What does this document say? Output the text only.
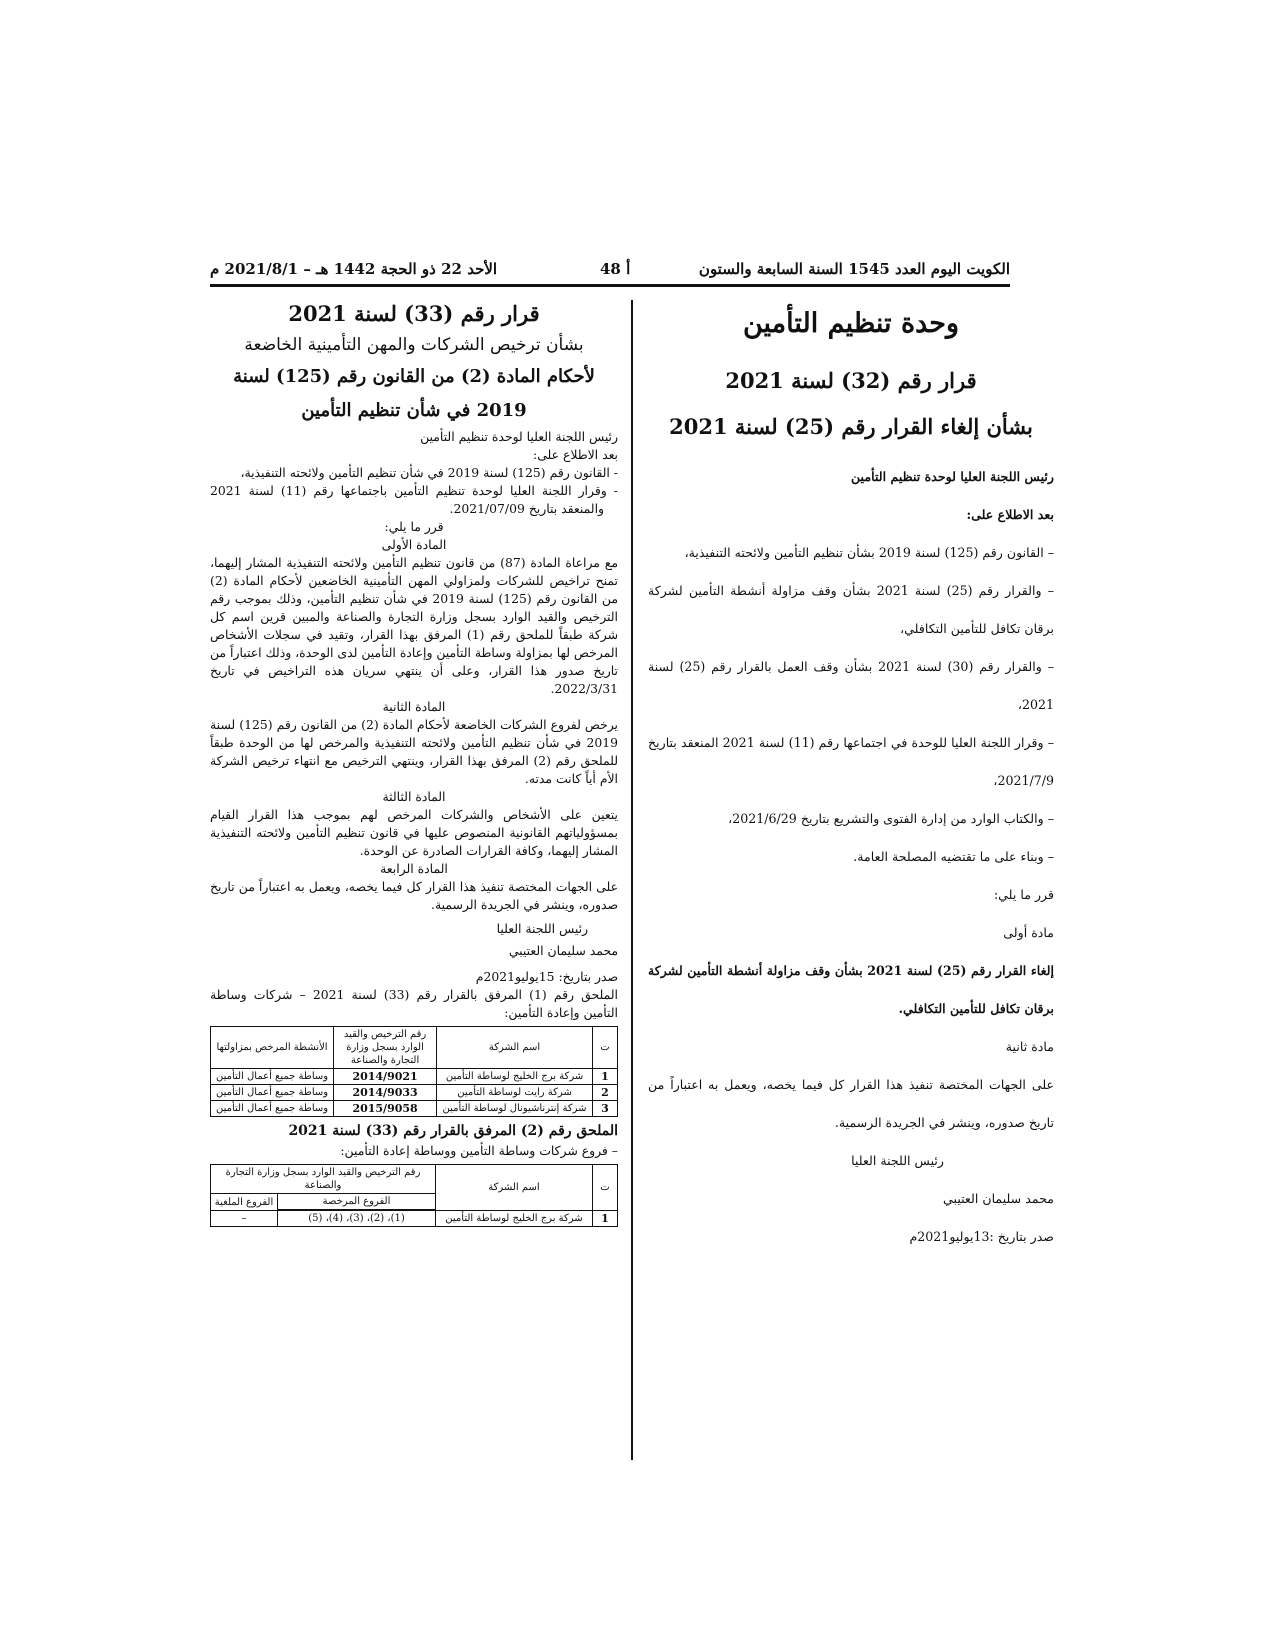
الكويت اليوم العدد 1545 السنة السابعة والستون
أ 48
الأحد 22 ذو الحجة 1442 هـ – 2021/8/1 م

قرار رقم (33) لسنة 2021

بشأن ترخيص الشركات والمهن التأمينية الخاضعة

لأحكام المادة (2) من القانون رقم (125) لسنة

2019 في شأن تنظيم التأمين

رئيس اللجنة العليا لوحدة تنظيم التأمين

بعد الاطلاع على:

- القانون رقم (125) لسنة 2019 في شأن تنظيم التأمين ولائحته التنفيذية،

- وقرار اللجنة العليا لوحدة تنظيم التأمين باجتماعها رقم (11) لسنة 2021 والمنعقد بتاريخ 2021/07/09.

قرر ما يلي:

المادة الأولى

مع مراعاة المادة (87) من قانون تنظيم التأمين ولائحته التنفيذية المشار إليهما، تمنح تراخيص للشركات ولمزاولي المهن التأمينية الخاضعين لأحكام المادة (2) من القانون رقم (125) لسنة 2019 في شأن تنظيم التأمين، وذلك بموجب رقم الترخيص والقيد الوارد بسجل وزارة التجارة والصناعة والمبين قرين اسم كل شركة طبقاً للملحق رقم (1) المرفق بهذا القرار، وتقيد في سجلات الأشخاص المرخص لها بمزاولة وساطة التأمين وإعادة التأمين لدى الوحدة، وذلك اعتباراً من تاريخ صدور هذا القرار، وعلى أن ينتهي سريان هذه التراخيص في تاريخ 2022/3/31.

المادة الثانية

يرخص لفروع الشركات الخاضعة لأحكام المادة (2) من القانون رقم (125) لسنة 2019 في شأن تنظيم التأمين ولائحته التنفيذية والمرخص لها من الوحدة طبقاً للملحق رقم (2) المرفق بهذا القرار، وينتهي الترخيص مع انتهاء ترخيص الشركة الأم أياً كانت مدته.

المادة الثالثة

يتعين على الأشخاص والشركات المرخص لهم بموجب هذا القرار القيام بمسؤولياتهم القانونية المنصوص عليها في قانون تنظيم التأمين ولائحته التنفيذية المشار إليهما، وكافة القرارات الصادرة عن الوحدة.

المادة الرابعة

على الجهات المختصة تنفيذ هذا القرار كل فيما يخصه، ويعمل به اعتباراً من تاريخ صدوره، وينشر في الجريدة الرسمية.

رئيس اللجنة العليا

محمد سليمان العتيبي

صدر بتاريخ: 15يوليو2021م

الملحق رقم (1) المرفق بالقرار رقم (33) لسنة 2021 – شركات وساطة التأمين وإعادة التأمين:

ت	اسم الشركة	رقم الترخيص والقيد الوارد بسجل وزارة التجارة والصناعة	الأنشطة المرخص بمزاولتها
1	شركة برج الخليج لوساطة التأمين	2014/9021	وساطة جميع أعمال التأمين
2	شركة رايت لوساطة التأمين	2014/9033	وساطة جميع أعمال التأمين
3	شركة إنترناشيونال لوساطة التأمين	2015/9058	وساطة جميع أعمال التأمين

الملحق رقم (2) المرفق بالقرار رقم (33) لسنة 2021

– فروع شركات وساطة التأمين ووساطة إعادة التأمين:

ت	اسم الشركة	رقم الترخيص والقيد الوارد بسجل وزارة التجارة والصناعة	
		الفروع المرخصة	الفروع الملغية

1	شركة برج الخليج لوساطة التأمين	(1)، (2)، (3)، (4)، (5)	–

وحدة تنظيم التأمين

قرار رقم (32) لسنة 2021

بشأن إلغاء القرار رقم (25) لسنة 2021

رئيس اللجنة العليا لوحدة تنظيم التأمين

بعد الاطلاع على:

– القانون رقم (125) لسنة 2019 بشأن تنظيم التأمين ولائحته التنفيذية،

– والقرار رقم (25) لسنة 2021 بشأن وقف مزاولة أنشطة التأمين لشركة برقان تكافل للتأمين التكافلي،

– والقرار رقم (30) لسنة 2021 بشأن وقف العمل بالقرار رقم (25) لسنة 2021،

– وقرار اللجنة العليا للوحدة في اجتماعها رقم (11) لسنة 2021 المنعقد بتاريخ 2021/7/9،

– والكتاب الوارد من إدارة الفتوى والتشريع بتاريخ 2021/6/29،

– وبناء على ما تقتضيه المصلحة العامة.

قرر ما يلي:

مادة أولى

إلغاء القرار رقم (25) لسنة 2021 بشأن وقف مزاولة أنشطة التأمين لشركة برقان تكافل للتأمين التكافلي.

مادة ثانية

على الجهات المختصة تنفيذ هذا القرار كل فيما يخصه، ويعمل به اعتباراً من تاريخ صدوره، وينشر في الجريدة الرسمية.

رئيس اللجنة العليا

محمد سليمان العتيبي

صدر بتاريخ :13يوليو2021م
